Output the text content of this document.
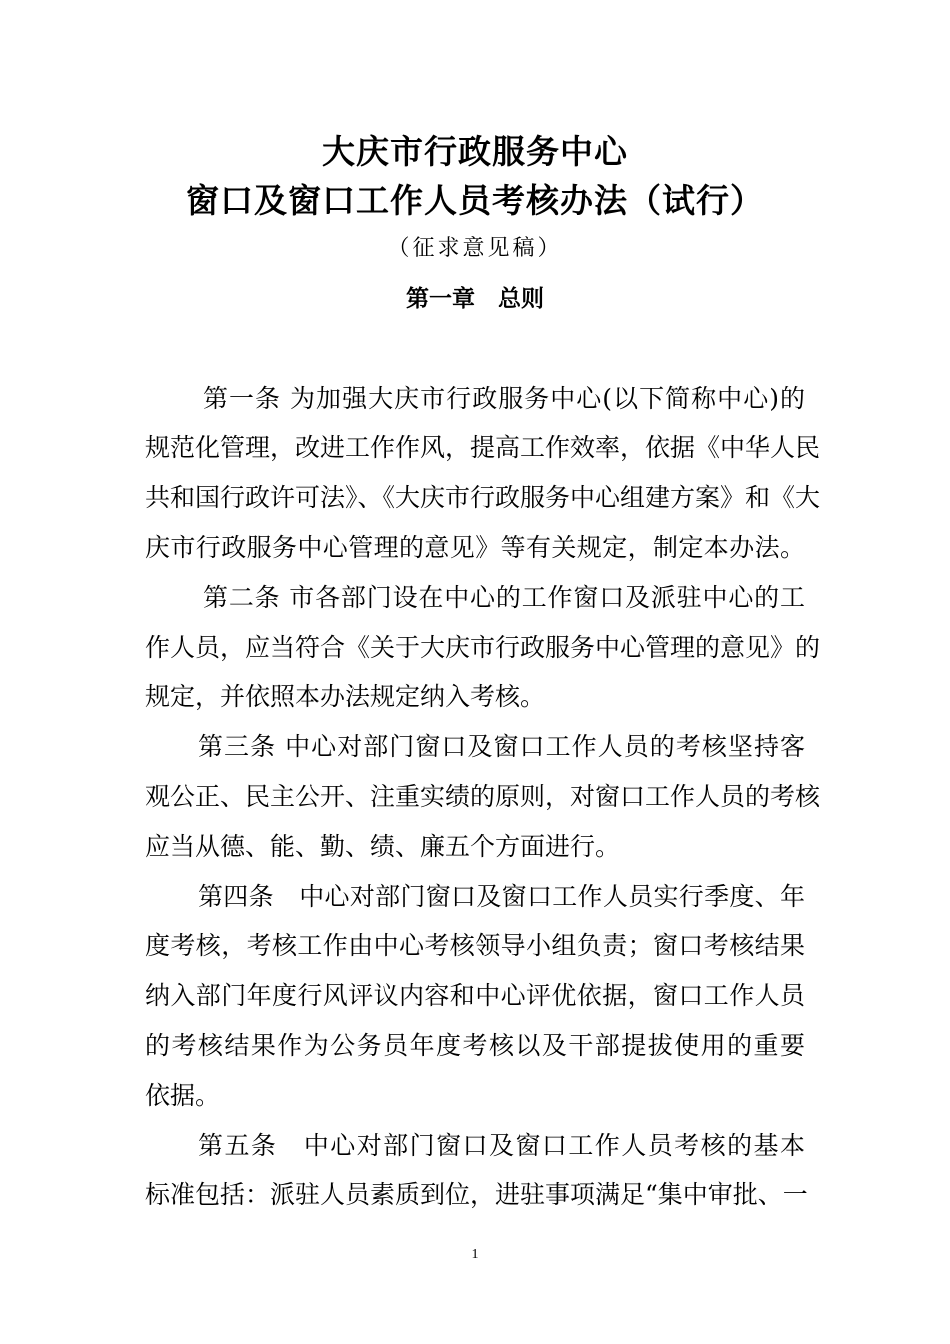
大庆市行政服务中心
窗口及窗口工作人员考核办法（试行）
（征求意见稿）
第一章　总则
第一条 为加强大庆市行政服务中心(以下简称中心)的
规范化管理，改进工作作风，提高工作效率，依据《中华人民
共和国行政许可法》、《大庆市行政服务中心组建方案》和《大
庆市行政服务中心管理的意见》等有关规定，制定本办法。
第二条 市各部门设在中心的工作窗口及派驻中心的工
作人员，应当符合《关于大庆市行政服务中心管理的意见》的
规定，并依照本办法规定纳入考核。
第三条 中心对部门窗口及窗口工作人员的考核坚持客
观公正、民主公开、注重实绩的原则，对窗口工作人员的考核
应当从德、能、勤、绩、廉五个方面进行。
第四条　中心对部门窗口及窗口工作人员实行季度、年
度考核，考核工作由中心考核领导小组负责；窗口考核结果
纳入部门年度行风评议内容和中心评优依据，窗口工作人员
的考核结果作为公务员年度考核以及干部提拔使用的重要
依据。
第五条　中心对部门窗口及窗口工作人员考核的基本
标准包括：派驻人员素质到位，进驻事项满足“集中审批、一
1
